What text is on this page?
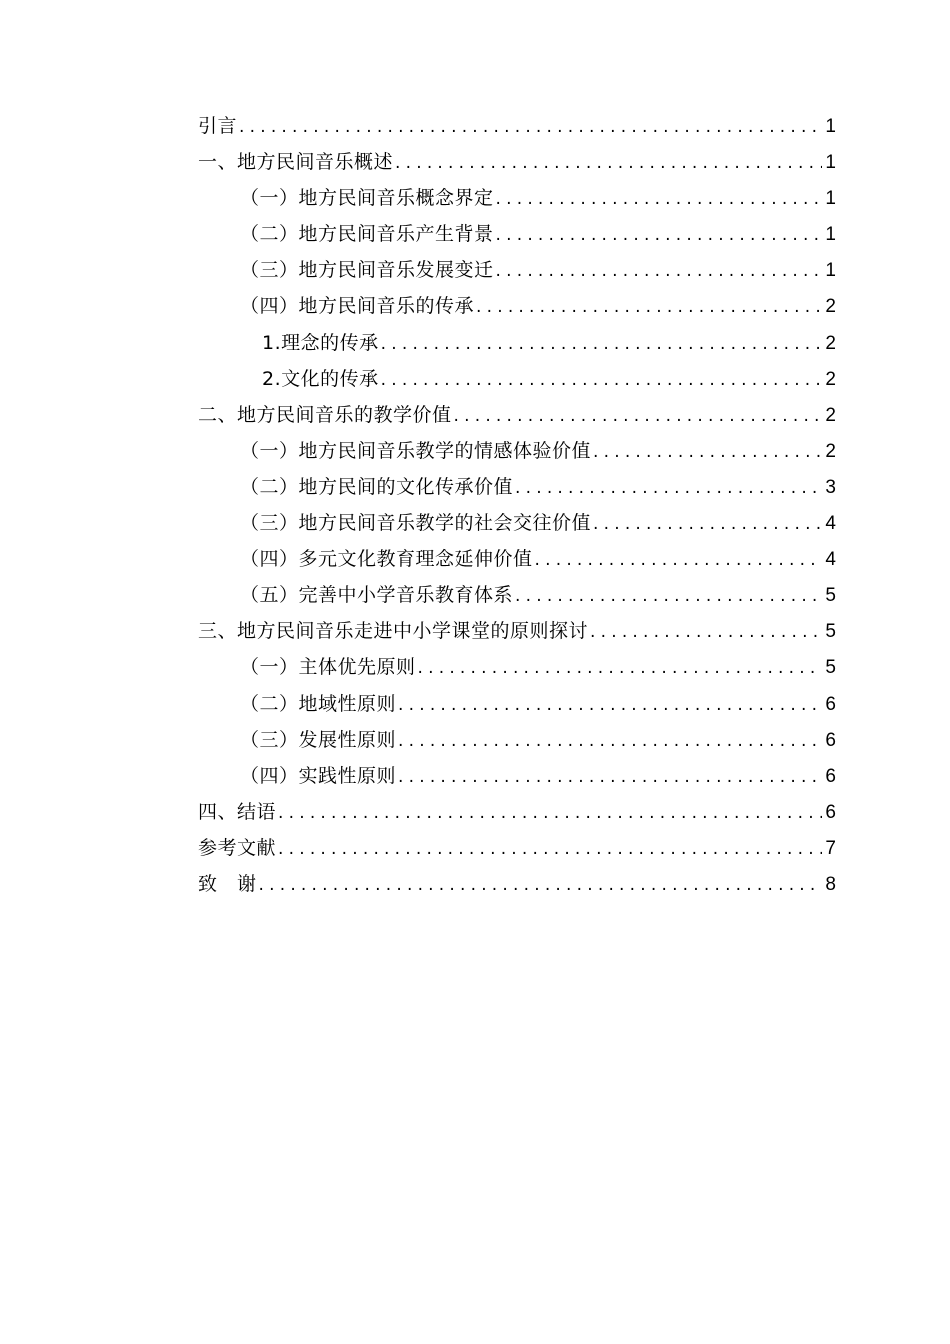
引言 .....	1
一、地方民间音乐概述 .....	1
（一）地方民间音乐概念界定 .....	1
（二）地方民间音乐产生背景 .....	1
（三）地方民间音乐发展变迁 .....	1
（四）地方民间音乐的传承 .....	2
1.理念的传承 .....	2
2.文化的传承 .....	2
二、地方民间音乐的教学价值 .....	2
（一）地方民间音乐教学的情感体验价值 .....	2
（二）地方民间的文化传承价值 .....	3
（三）地方民间音乐教学的社会交往价值 .....	4
（四）多元文化教育理念延伸价值 .....	4
（五）完善中小学音乐教育体系 .....	5
三、地方民间音乐走进中小学课堂的原则探讨 .....	5
（一）主体优先原则 .....	5
（二）地域性原则 .....	6
（三）发展性原则 .....	6
（四）实践性原则 .....	6
四、结语 .....	6
参考文献 .....	7
致　谢 .....	8
